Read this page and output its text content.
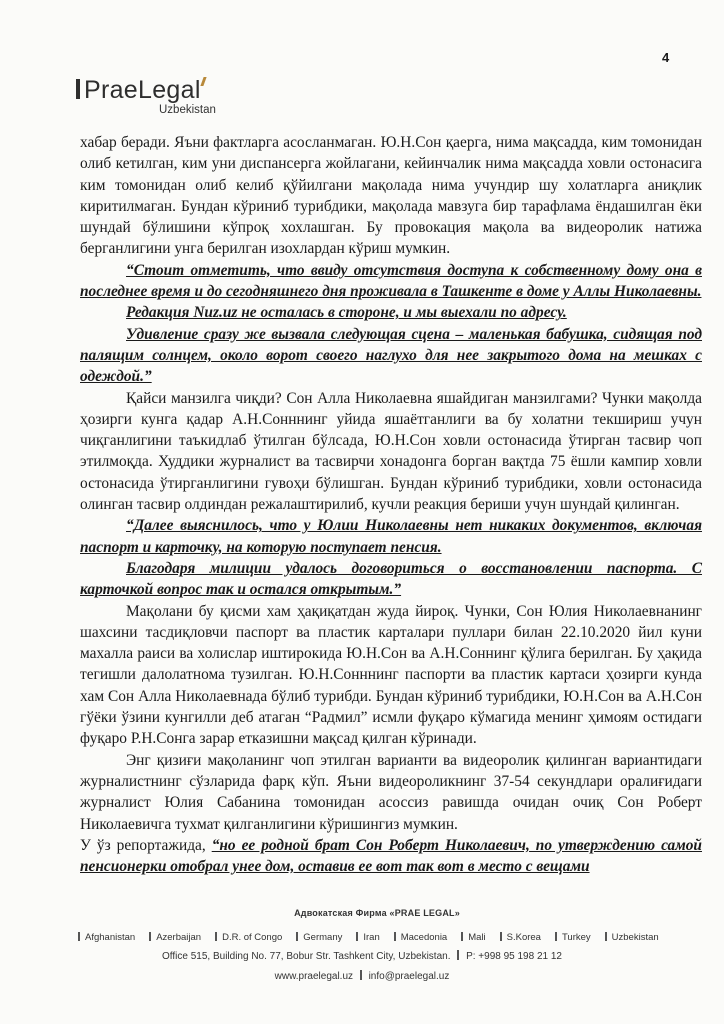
4
PraeLegal
Uzbekistan

хабар беради. Яъни фактларга асосланмаган. Ю.Н.Сон қаерга, нима мақсадда, ким томонидан олиб кетилган, ким уни диспансерга жойлагани, кейинчалик нима мақсадда ховли остонасига ким томонидан олиб келиб қўйилгани мақолада нима учундир шу холатларга аниқлик киритилмаган. Бундан кўриниб турибдики, мақолада мавзуга бир тарафлама ёндашилган ёки шундай бўлишини кўпроқ хохлашган. Бу провокация мақола ва видеоролик натижа берганлигини унга берилган изохлардан кўриш мумкин.

“Стоит отметить, что ввиду отсутствия доступа к собственному дому она в последнее время и до сегодняшнего дня проживала в Ташкенте в доме у Аллы Николаевны.

Редакция Nuz.uz не осталась в стороне, и мы выехали по адресу.

Удивление сразу же вызвала следующая сцена – маленькая бабушка, сидящая под палящим солнцем, около ворот своего наглухо для нее закрытого дома на мешках с одеждой.”

Қайси манзилга чиқди? Сон Алла Николаевна яшайдиган манзилгами? Чунки мақолда ҳозирги кунга қадар А.Н.Сонннинг уйида яшаётганлиги ва бу холатни текшириш учун чиқганлигини таъкидлаб ўтилган бўлсада, Ю.Н.Сон ховли остонасида ўтирган тасвир чоп этилмоқда. Худдики журналист ва тасвирчи хонадонга борган вақтда 75 ёшли кампир ховли остонасида ўтирганлигини гувоҳи бўлишган. Бундан кўриниб турибдики, ховли остонасида олинган тасвир олдиндан режалаштирилиб, кучли реакция бериши учун шундай қилинган.

“Далее выяснилось, что у Юлии Николаевны нет никаких документов, включая паспорт и карточку, на которую поступает пенсия.

Благодаря милиции удалось договориться о восстановлении паспорта. С карточкой вопрос так и остался открытым.”

Мақолани бу қисми хам ҳақиқатдан жуда йироқ. Чунки, Сон Юлия Николаевнанинг шахсини тасдиқловчи паспорт ва пластик карталари пуллари билан 22.10.2020 йил куни махалла раиси ва холислар иштирокида Ю.Н.Сон ва А.Н.Соннинг қўлига берилган. Бу ҳақида тегишли далолатнома тузилган. Ю.Н.Сонннинг паспорти ва пластик картаси ҳозирги кунда хам Сон Алла Николаевнада бўлиб турибди. Бундан кўриниб турибдики, Ю.Н.Сон ва А.Н.Сон гўёки ўзини кунгилли деб атаган “Радмил” исмли фуқаро кўмагида менинг ҳимоям остидаги фуқаро Р.Н.Сонга зарар етказишни мақсад қилган кўринади.

Энг қизиғи мақоланинг чоп этилган варианти ва видеоролик қилинган вариантидаги журналистнинг сўзларида фарқ кўп. Яъни видеороликнинг 37-54 секундлари оралиғидаги журналист Юлия Сабанина томонидан асоссиз равишда очидан очиқ Сон Роберт Николаевичга тухмат қилганлигини кўришингиз мумкин.

У ўз репортажида, “но ее родной брат Сон Роберт Николаевич, по утверждению самой пенсионерки отобрал унее дом, оставив ее вот так вот в место с вещами

Адвокатская Фирма «PRAE LEGAL»
Afghanistan	Azerbaijan	D.R. of Congo	Germany	Iran	Macedonia	Mali	S.Korea	Turkey	Uzbekistan
Office 515, Building No. 77, Bobur Str. Tashkent City, Uzbekistan. P: +998 95 198 21 12
www.praelegal.uz info@praelegal.uz
